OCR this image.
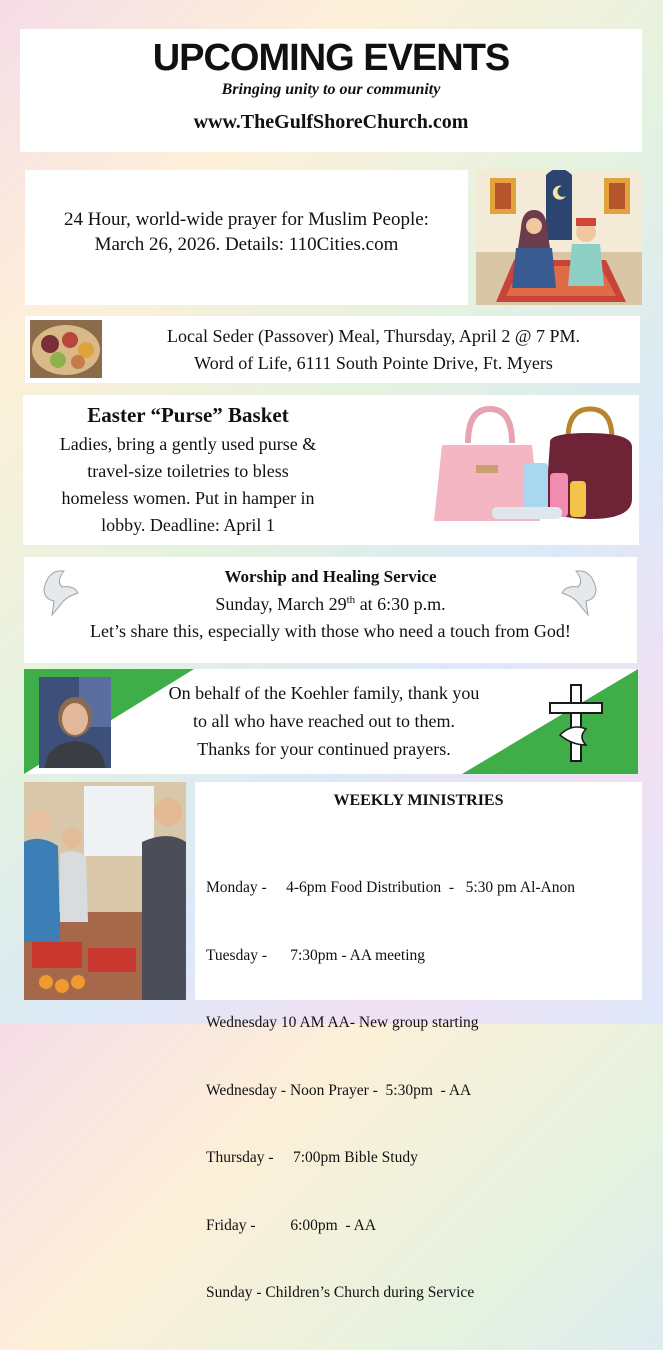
UPCOMING EVENTS
Bringing unity to our community
www.TheGulfShoreChurch.com
24 Hour, world-wide prayer for Muslim People:
March 26, 2026. Details: 110Cities.com
Local Seder (Passover) Meal, Thursday, April 2 @ 7 PM.
Word of Life, 6111 South Pointe Drive, Ft. Myers
Easter “Purse” Basket
Ladies, bring a gently used purse &
travel-size toiletries to bless
homeless women. Put in hamper in
lobby. Deadline: April 1
Worship and Healing Service
Sunday, March 29th at 6:30 p.m.
Let’s share this, especially with those who need a touch from God!
On behalf of the Koehler family, thank you
to all who have reached out to them.
Thanks for your continued prayers.
WEEKLY MINISTRIES

Monday -     4-6pm Food Distribution  -   5:30 pm Al-Anon

Tuesday -      7:30pm - AA meeting

Wednesday 10 AM AA- New group starting

Wednesday - Noon Prayer -  5:30pm  - AA

Thursday -     7:00pm Bible Study

Friday -         6:00pm  - AA

Sunday - Children’s Church during Service
